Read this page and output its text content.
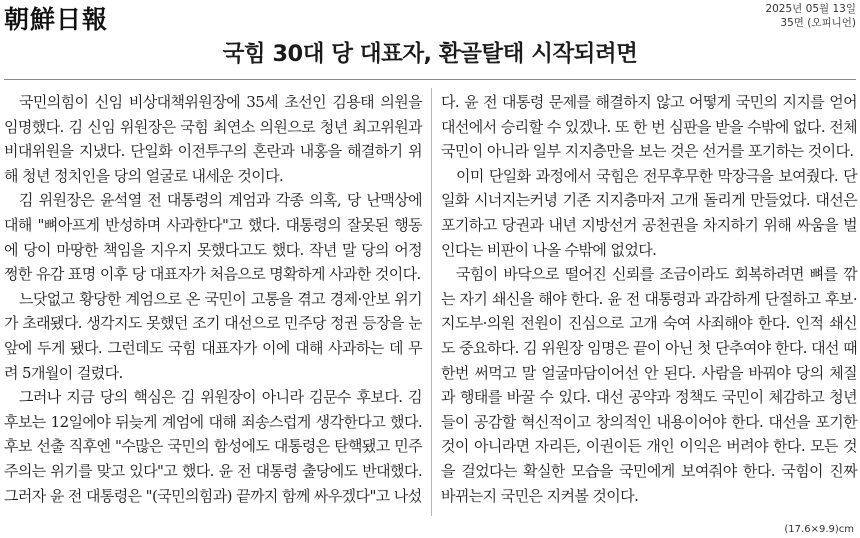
朝鮮日報	2025년 05월 13일
35면 (오피니언)
국힘 30대 당 대표자, 환골탈태 시작되려면

국민의힘이 신임 비상대책위원장에 35세 초선인 김용태 의원을 임명했다. 김 신임 위원장은 국힘 최연소 의원으로 청년 최고위원과 비대위원을 지냈다. 단일화 이전투구의 혼란과 내홍을 해결하기 위해 청년 정치인을 당의 얼굴로 내세운 것이다.

김 위원장은 윤석열 전 대통령의 계엄과 각종 의혹, 당 난맥상에 대해 "뼈아프게 반성하며 사과한다"고 했다. 대통령의 잘못된 행동에 당이 마땅한 책임을 지우지 못했다고도 했다. 작년 말 당의 어정쩡한 유감 표명 이후 당 대표자가 처음으로 명확하게 사과한 것이다.

느닷없고 황당한 계엄으로 온 국민이 고통을 겪고 경제·안보 위기가 초래됐다. 생각지도 못했던 조기 대선으로 민주당 정권 등장을 눈앞에 두게 됐다. 그런데도 국힘 대표자가 이에 대해 사과하는 데 무려 5개월이 걸렸다.

그러나 지금 당의 핵심은 김 위원장이 아니라 김문수 후보다. 김 후보는 12일에야 뒤늦게 계엄에 대해 죄송스럽게 생각한다고 했다. 후보 선출 직후엔 "수많은 국민의 함성에도 대통령은 탄핵됐고 민주주의는 위기를 맞고 있다"고 했다. 윤 전 대통령 출당에도 반대했다. 그러자 윤 전 대통령은 "(국민의힘과) 끝까지 함께 싸우겠다"고 나섰

다. 윤 전 대통령 문제를 해결하지 않고 어떻게 국민의 지지를 얻어 대선에서 승리할 수 있겠나. 또 한 번 심판을 받을 수밖에 없다. 전체 국민이 아니라 일부 지지층만을 보는 것은 선거를 포기하는 것이다.

이미 단일화 과정에서 국힘은 전무후무한 막장극을 보여줬다. 단일화 시너지는커녕 기존 지지층마저 고개 돌리게 만들었다. 대선은 포기하고 당권과 내년 지방선거 공천권을 차지하기 위해 싸움을 벌인다는 비판이 나올 수밖에 없었다.

국힘이 바닥으로 떨어진 신뢰를 조금이라도 회복하려면 뼈를 깎는 자기 쇄신을 해야 한다. 윤 전 대통령과 과감하게 단절하고 후보·지도부·의원 전원이 진심으로 고개 숙여 사죄해야 한다. 인적 쇄신도 중요하다. 김 위원장 임명은 끝이 아닌 첫 단추여야 한다. 대선 때 한번 써먹고 말 얼굴마담이어선 안 된다. 사람을 바꿔야 당의 체질과 행태를 바꿀 수 있다. 대선 공약과 정책도 국민이 체감하고 청년들이 공감할 혁신적이고 창의적인 내용이어야 한다. 대선을 포기한 것이 아니라면 자리든, 이권이든 개인 이익은 버려야 한다. 모든 것을 걸었다는 확실한 모습을 국민에게 보여줘야 한다. 국힘이 진짜 바뀌는지 국민은 지켜볼 것이다.

(17.6×9.9)cm
